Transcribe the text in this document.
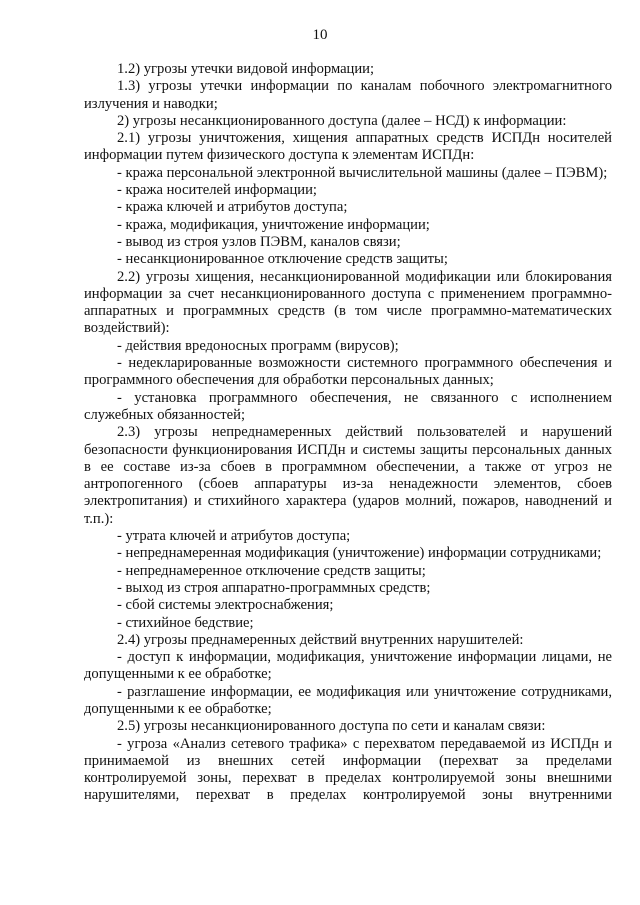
10

1.2) угрозы утечки видовой информации;

1.3) угрозы утечки информации по каналам побочного электромагнитного излучения и наводки;

2) угрозы несанкционированного доступа (далее – НСД) к информации:

2.1) угрозы уничтожения, хищения аппаратных средств ИСПДн носителей информации путем физического доступа к элементам ИСПДн:

- кража персональной электронной вычислительной машины (далее – ПЭВМ);

- кража носителей информации;

- кража ключей и атрибутов доступа;

- кража, модификация, уничтожение информации;

- вывод из строя узлов ПЭВМ, каналов связи;

- несанкционированное отключение средств защиты;

2.2) угрозы хищения, несанкционированной модификации или блокирования информации за счет несанкционированного доступа с применением программно-аппаратных и программных средств (в том числе программно-математических воздействий):

- действия вредоносных программ (вирусов);

- недекларированные возможности системного программного обеспечения и программного обеспечения для обработки персональных данных;

- установка программного обеспечения, не связанного с исполнением служебных обязанностей;

2.3) угрозы непреднамеренных действий пользователей и нарушений безопасности функционирования ИСПДн и системы защиты персональных данных в ее составе из-за сбоев в программном обеспечении, а также от угроз не антропогенного (сбоев аппаратуры из-за ненадежности элементов, сбоев электропитания) и стихийного характера (ударов молний, пожаров, наводнений и т.п.):

- утрата ключей и атрибутов доступа;

- непреднамеренная модификация (уничтожение) информации сотрудниками;

- непреднамеренное отключение средств защиты;

- выход из строя аппаратно-программных средств;

- сбой системы электроснабжения;

- стихийное бедствие;

2.4) угрозы преднамеренных действий внутренних нарушителей:

- доступ к информации, модификация, уничтожение информации лицами, не допущенными к ее обработке;

- разглашение информации, ее модификация или уничтожение сотрудниками, допущенными к ее обработке;

2.5) угрозы несанкционированного доступа по сети и каналам связи:

- угроза «Анализ сетевого трафика» с перехватом передаваемой из ИСПДн и принимаемой из внешних сетей информации (перехват за пределами контролируемой зоны, перехват в пределах контролируемой зоны внешними нарушителями, перехват в пределах контролируемой зоны внутренними
